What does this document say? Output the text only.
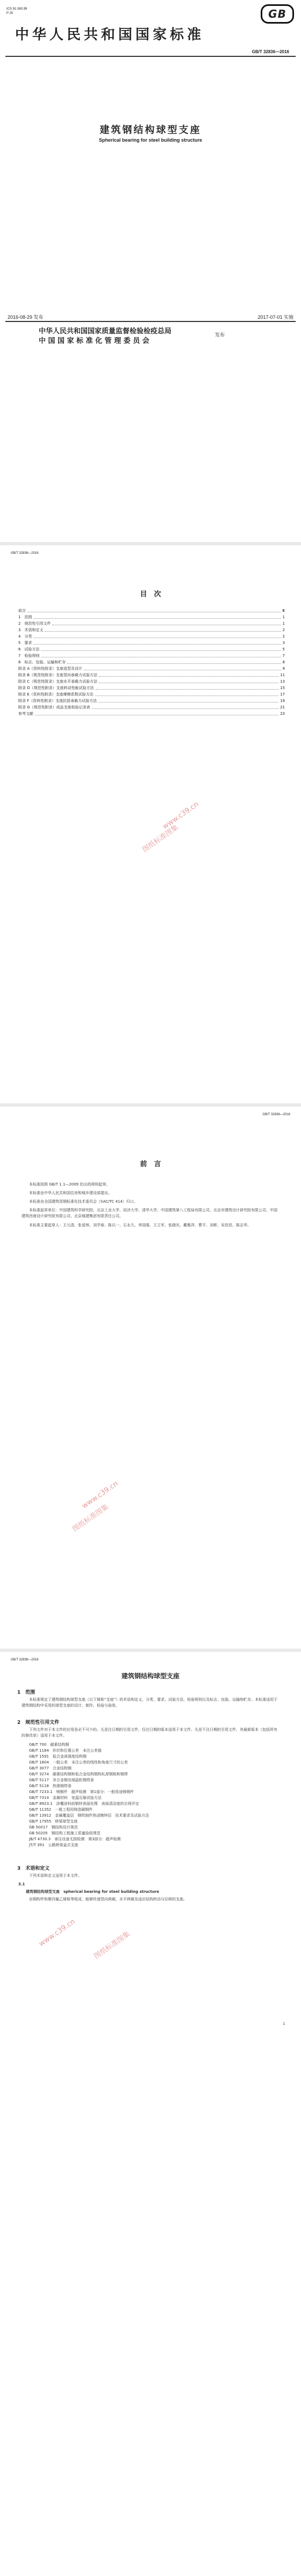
ICS 91.080.99
P 25	GB
中华人民共和国国家标准
GB/T 32836—2016
建筑钢结构球型支座
Spherical bearing for steel building structure
2016-08-29 发布	2017-07-01 实施
中华人民共和国国家质量监督检验检疫总局
中 国 国 家 标 准 化 管 理 委 员 会
发布
GB/T 32836—2016
目　次
前言	Ⅲ
1　范围	1
2　规范性引用文件	1
3　术语和定义	2
4　分类	2
5　要求	3
6　试验方法	5
7　检验规则	7
8　标志、包装、运输和贮存	8
附录 A（资料性附录）支座选型及设计	9
附录 B（规范性附录）支座竖向承载力试验方法	11
附录 C（规范性附录）支座水平承载力试验方法	13
附录 D（规范性附录）支座转动性能试验方法	15
附录 E（资料性附录）支座摩擦系数试验方法	17
附录 F（资料性附录）支座抗拔承载力试验方法	19
附录 G（规范性附录）成品支座检验记录表	21
参考文献	23
www.c39.cn
图纸标准图集
GB/T 32836—2016
前　言
本标准按照 GB/T 1.1—2009 给出的规则起草。
本标准由中华人民共和国住房和城乡建设部提出。
本标准由全国建筑用钢标准化技术委员会（SAC/TC 414）归口。
本标准起草单位：中国建筑科学研究院、北京工业大学、同济大学、清华大学、中国建筑第八工程局有限公司、北京市建筑设计研究院有限公司、中国建筑西南设计研究院有限公司、北京城建集团有限责任公司。
本标准主要起草人：王元清、张爱林、刘学春、陈以一、石永久、李国强、王立军、张晓光、戴雅萍、曹平、刘彬、吴佳佳、陈志华。
www.c39.cn
图纸标准图集
GB/T 32836—2016
建筑钢结构球型支座
1　范围
本标准规定了建筑钢结构球型支座（以下简称“支座”）的术语和定义、分类、要求、试验方法、检验规则以及标志、包装、运输和贮存。本标准适用于建筑钢结构中采用的球型支座的设计、制作、检验与验收。
2　规范性引用文件
下列文件对于本文件的应用是必不可少的。凡是注日期的引用文件，仅注日期的版本适用于本文件。凡是不注日期的引用文件，其最新版本（包括所有的修改单）适用于本文件。
GB/T 700　碳素结构钢
GB/T 1184　形状和位置公差　未注公差值
GB/T 1591　低合金高强度结构钢
GB/T 1804　一般公差　未注公差的线性和角度尺寸的公差
GB/T 3077　合金结构钢
GB/T 3274　碳素结构钢和低合金结构钢热轧厚钢板和钢带
GB/T 5117　非合金钢及细晶粒钢焊条
GB/T 5118　热强钢焊条
GB/T 7233.1　铸钢件　超声检测　第1部分：一般用途铸钢件
GB/T 7314　金属材料　室温压缩试验方法
GB/T 8923.1　涂覆涂料前钢材表面处理　表面清洁度的目视评定
GB/T 11352　一般工程用铸造碳钢件
GB/T 13912　金属覆盖层　钢铁制件热浸镀锌层　技术要求及试验方法
GB/T 17955　桥梁球型支座
GB 50017　钢结构设计规范
GB 50205　钢结构工程施工质量验收规范
JB/T 4730.3　承压设备无损检测　第3部分：超声检测
JT/T 391　公路桥梁盆式支座
3　术语和定义
下列术语和定义适用于本文件。
3.1
建筑钢结构球型支座　spherical bearing for steel building structure
由钢构件和聚四氟乙烯板等组成，能够传递竖向荷载、水平荷载及适应结构转动与位移的支座。
1
www.c39.cn 图纸标准图集
